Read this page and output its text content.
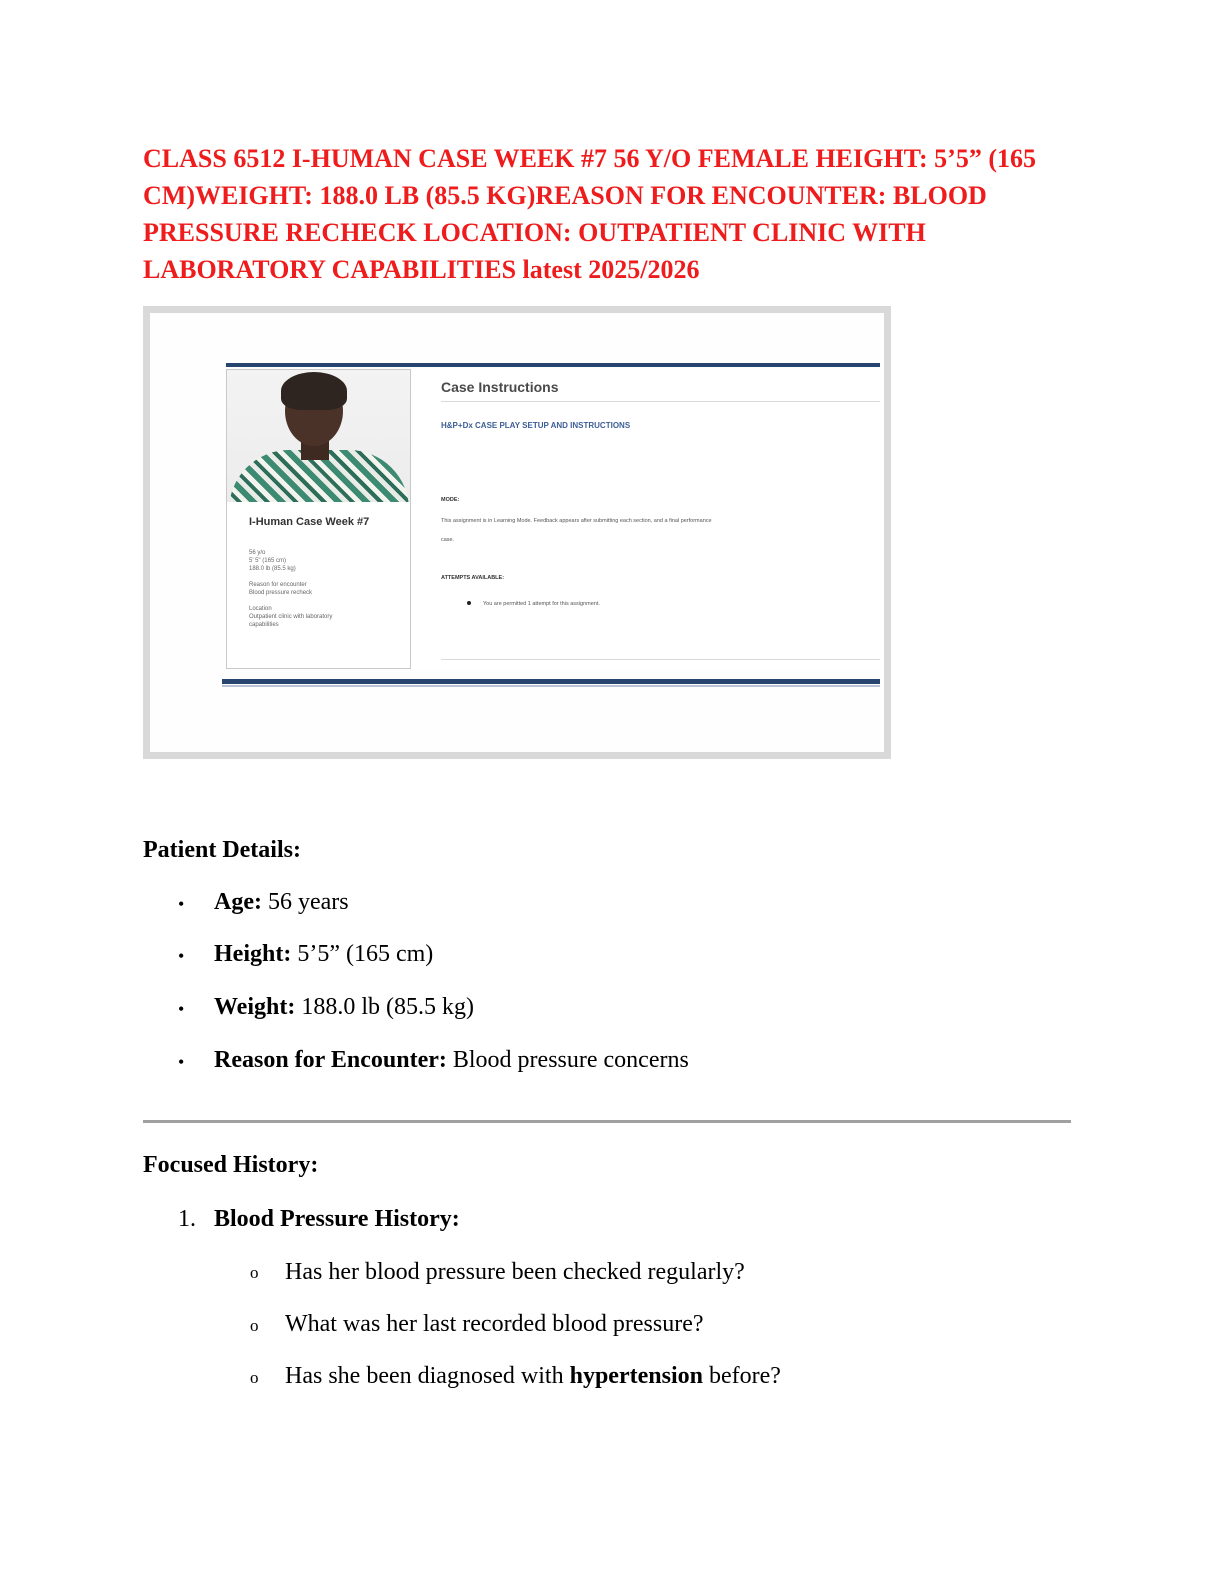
CLASS 6512 I-HUMAN CASE WEEK #7 56 Y/O FEMALE HEIGHT: 5’5” (165 CM)WEIGHT: 188.0 LB (85.5 KG)REASON FOR ENCOUNTER: BLOOD PRESSURE RECHECK LOCATION: OUTPATIENT CLINIC WITH LABORATORY CAPABILITIES latest 2025/2026
I-Human Case Week #7
56 y/o
5' 5" (165 cm)
188.0 lb (85.5 kg)
Reason for encounter
Blood pressure recheck
Location
Outpatient clinic with laboratory
capabilities
Case Instructions
H&P+Dx CASE PLAY SETUP AND INSTRUCTIONS
MODE:
This assignment is in Learning Mode. Feedback appears after submitting each section, and a final performance
case.
ATTEMPTS AVAILABLE:
You are permitted 1 attempt for this assignment.
Patient Details:
• Age: 56 years
• Height: 5’5” (165 cm)
• Weight: 188.0 lb (85.5 kg)
• Reason for Encounter: Blood pressure concerns
Focused History:
1. Blood Pressure History:
o Has her blood pressure been checked regularly?
o What was her last recorded blood pressure?
o Has she been diagnosed with hypertension before?
